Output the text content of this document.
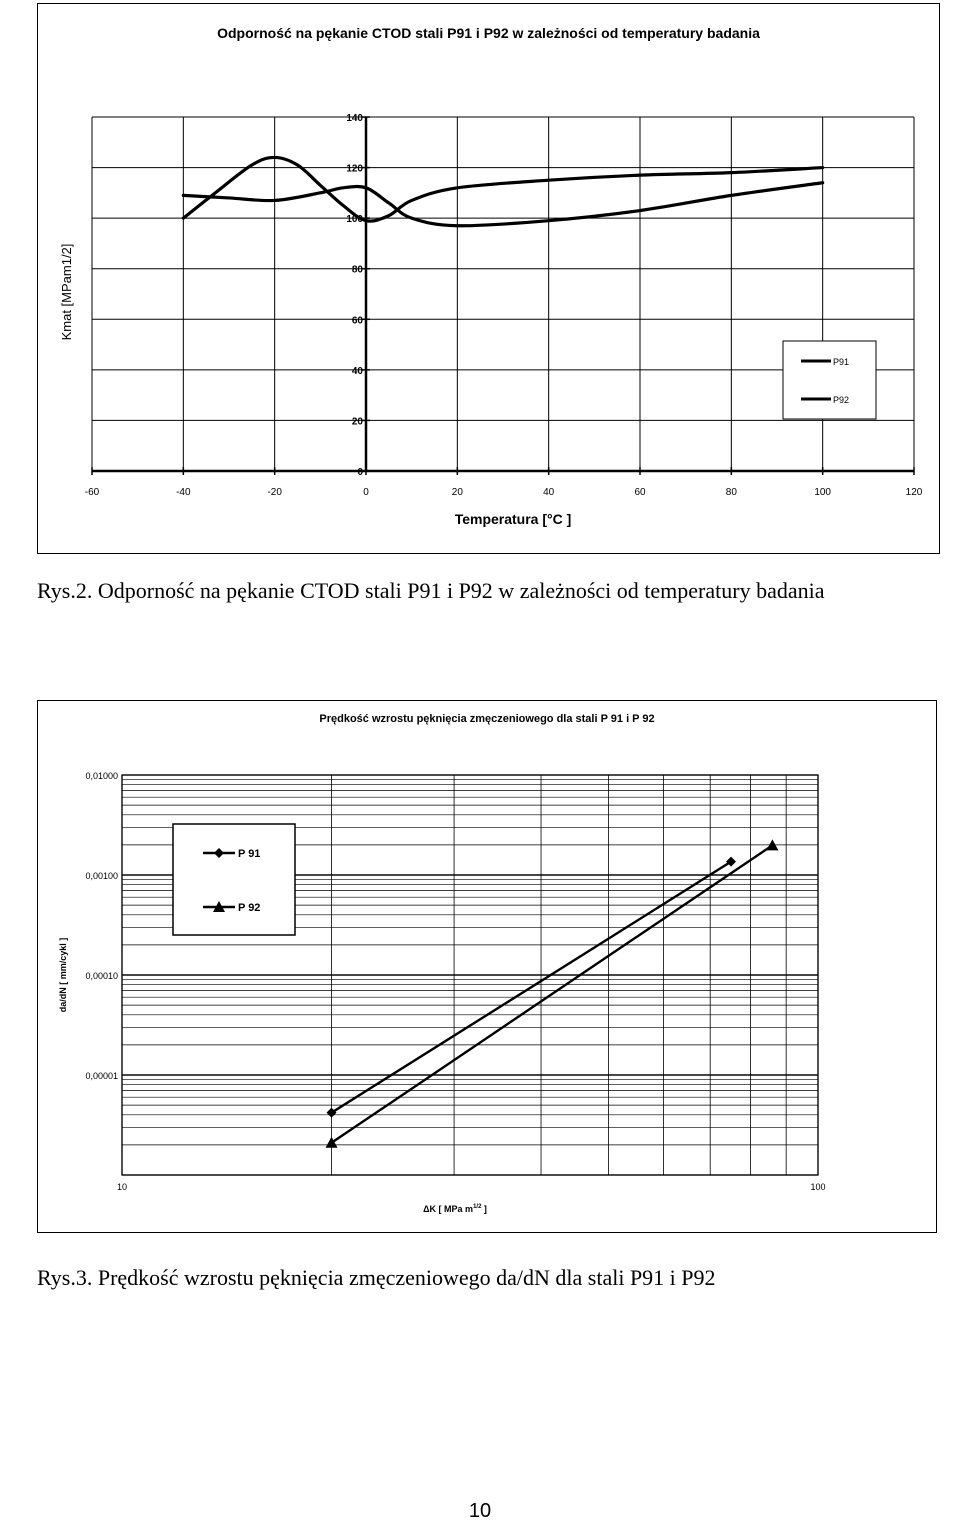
Odporność na pękanie CTOD stali P91 i P92 w zależności od temperatury badania
-60	-40	-20	0	20	40	60	80	100	120
0
20
40
60
80
100
120
140
Temperatura [°C ]
Kmat [MPam1/2]
P91
P92
Rys.2. Odporność na pękanie CTOD stali P91 i P92 w zależności od temperatury badania
Prędkość wzrostu pęknięcia zmęczeniowego dla stali P 91 i P 92
10	100
0,00001
0,00010
0,00100
0,01000
ΔK [ MPa $m^{1/2}$ ]
da/dN [ mm/cykl ]
P 91
P 92
Rys.3. Prędkość wzrostu pęknięcia zmęczeniowego da/dN dla stali P91 i P92
10
